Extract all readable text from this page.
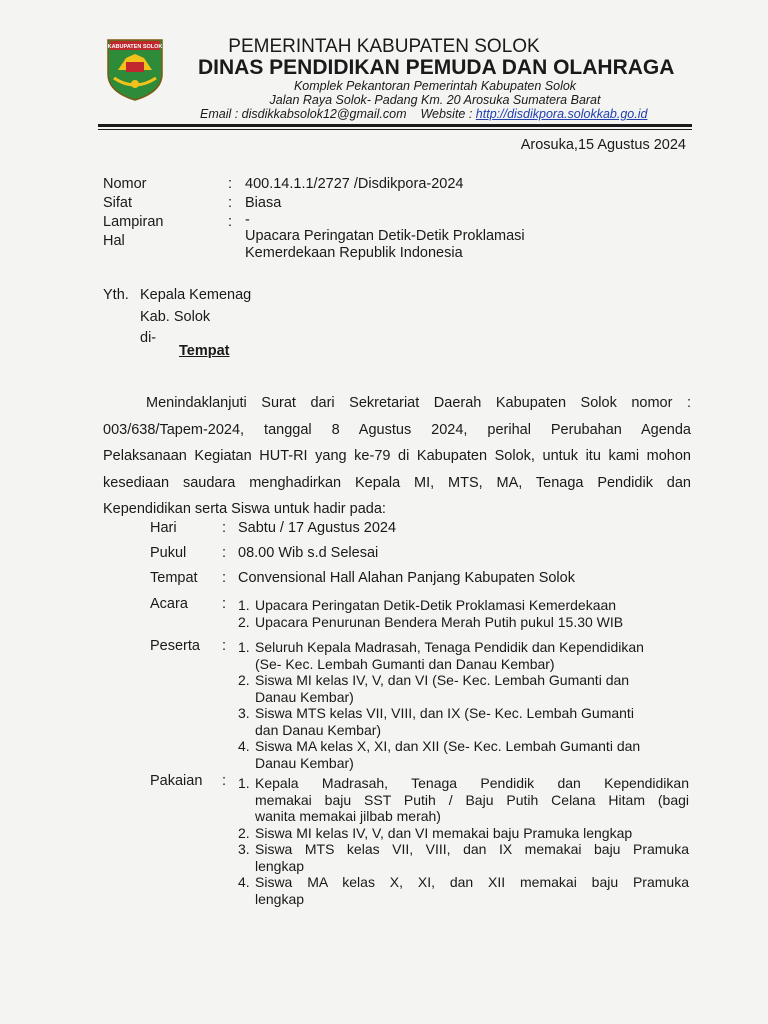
KABUPATEN SOLOK	PEMERINTAH KABUPATEN SOLOK
DINAS PENDIDIKAN PEMUDA DAN OLAHRAGA
Komplek Pekantoran Pemerintah Kabupaten Solok
Jalan Raya Solok- Padang Km. 20 Arosuka Sumatera Barat
Email : disdikkabsolok12@gmail.com Website : http://disdikpora.solokkab.go.id
Arosuka,15 Agustus 2024
Nomor	: 400.14.1.1/2727 /Disdikpora-2024
Sifat	: Biasa
Lampiran	: -
Hal	Upacara Peringatan Detik-Detik Proklamasi
Kemerdekaan Republik Indonesia
Yth. Kepala Kemenag
Kab. Solok
di-
Tempat
Menindaklanjuti Surat dari Sekretariat Daerah Kabupaten Solok nomor :
003/638/Tapem-2024, tanggal 8 Agustus 2024, perihal Perubahan Agenda
Pelaksanaan Kegiatan HUT-RI yang ke-79 di Kabupaten Solok, untuk itu kami mohon
kesediaan saudara menghadirkan Kepala MI, MTS, MA, Tenaga Pendidik dan
Kependidikan serta Siswa untuk hadir pada:
Hari	: Sabtu / 17 Agustus 2024
Pukul : 08.00 Wib s.d Selesai
Tempat : Convensional Hall Alahan Panjang Kabupaten Solok
Acara : 1. Upacara Peringatan Detik-Detik Proklamasi Kemerdekaan
2. Upacara Penurunan Bendera Merah Putih pukul 15.30 WIB
Peserta : 1. Seluruh Kepala Madrasah, Tenaga Pendidik dan Kependidikan
(Se- Kec. Lembah Gumanti dan Danau Kembar)
2. Siswa MI kelas IV, V, dan VI (Se- Kec. Lembah Gumanti dan
Danau Kembar)
3. Siswa MTS kelas VII, VIII, dan IX (Se- Kec. Lembah Gumanti
dan Danau Kembar)
4. Siswa MA kelas X, XI, dan XII (Se- Kec. Lembah Gumanti dan
Danau Kembar)
Pakaian : 1. Kepala Madrasah, Tenaga Pendidik dan Kependidikan
memakai baju SST Putih / Baju Putih Celana Hitam (bagi
wanita memakai jilbab merah)
2. Siswa MI kelas IV, V, dan VI memakai baju Pramuka lengkap
3. Siswa MTS kelas VII, VIII, dan IX memakai baju Pramuka
lengkap
4. Siswa MA kelas X, XI, dan XII memakai baju Pramuka
lengkap
